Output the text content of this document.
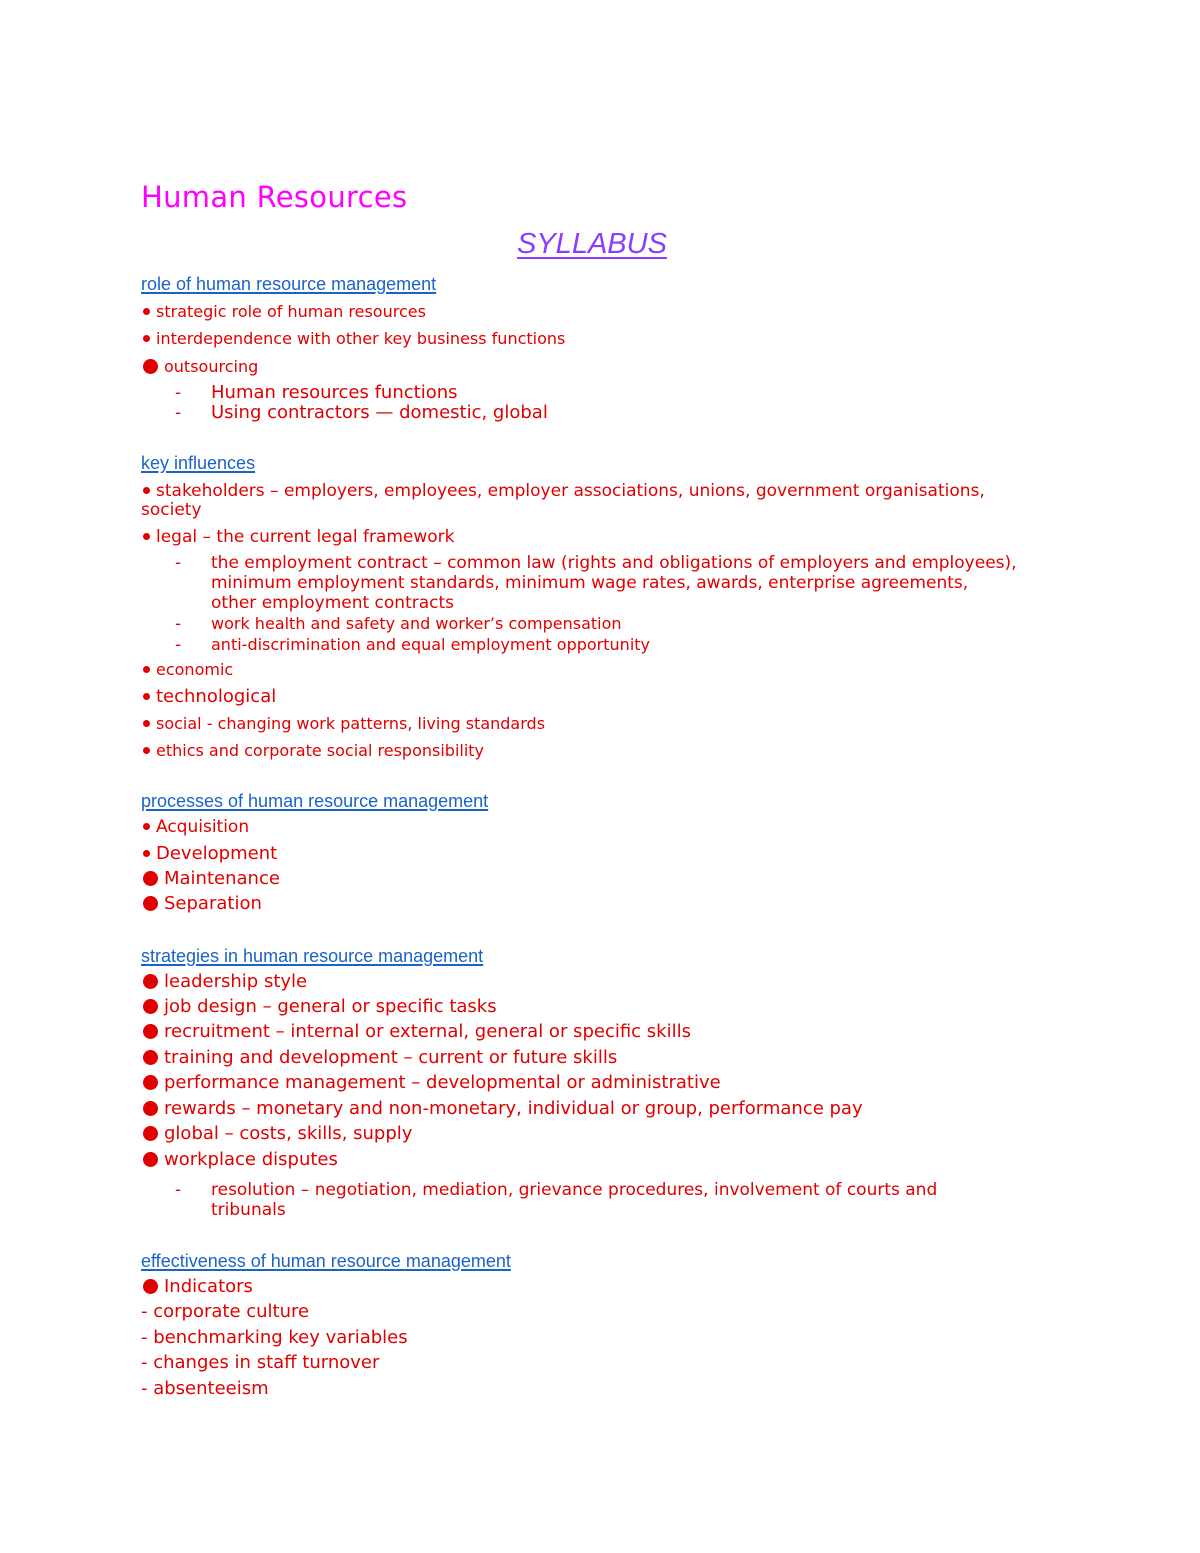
Human Resources
SYLLABUS
role of human resource management
strategic role of human resources
interdependence with other key business functions
outsourcing
- Human resources functions
- Using contractors — domestic, global
key influences
stakeholders – employers, employees, employer associations, unions, government organisations,
society
legal – the current legal framework
- the employment contract – common law (rights and obligations of employers and employees),
minimum employment standards, minimum wage rates, awards, enterprise agreements,
other employment contracts
- work health and safety and worker’s compensation
- anti-discrimination and equal employment opportunity
economic
technological
social - changing work patterns, living standards
ethics and corporate social responsibility
processes of human resource management
Acquisition
Development
Maintenance
Separation
strategies in human resource management
leadership style
job design – general or specific tasks
recruitment – internal or external, general or specific skills
training and development – current or future skills
performance management – developmental or administrative
rewards – monetary and non-monetary, individual or group, performance pay
global – costs, skills, supply
workplace disputes
- resolution – negotiation, mediation, grievance procedures, involvement of courts and
tribunals
effectiveness of human resource management
Indicators
- corporate culture
- benchmarking key variables
- changes in staff turnover
- absenteeism
